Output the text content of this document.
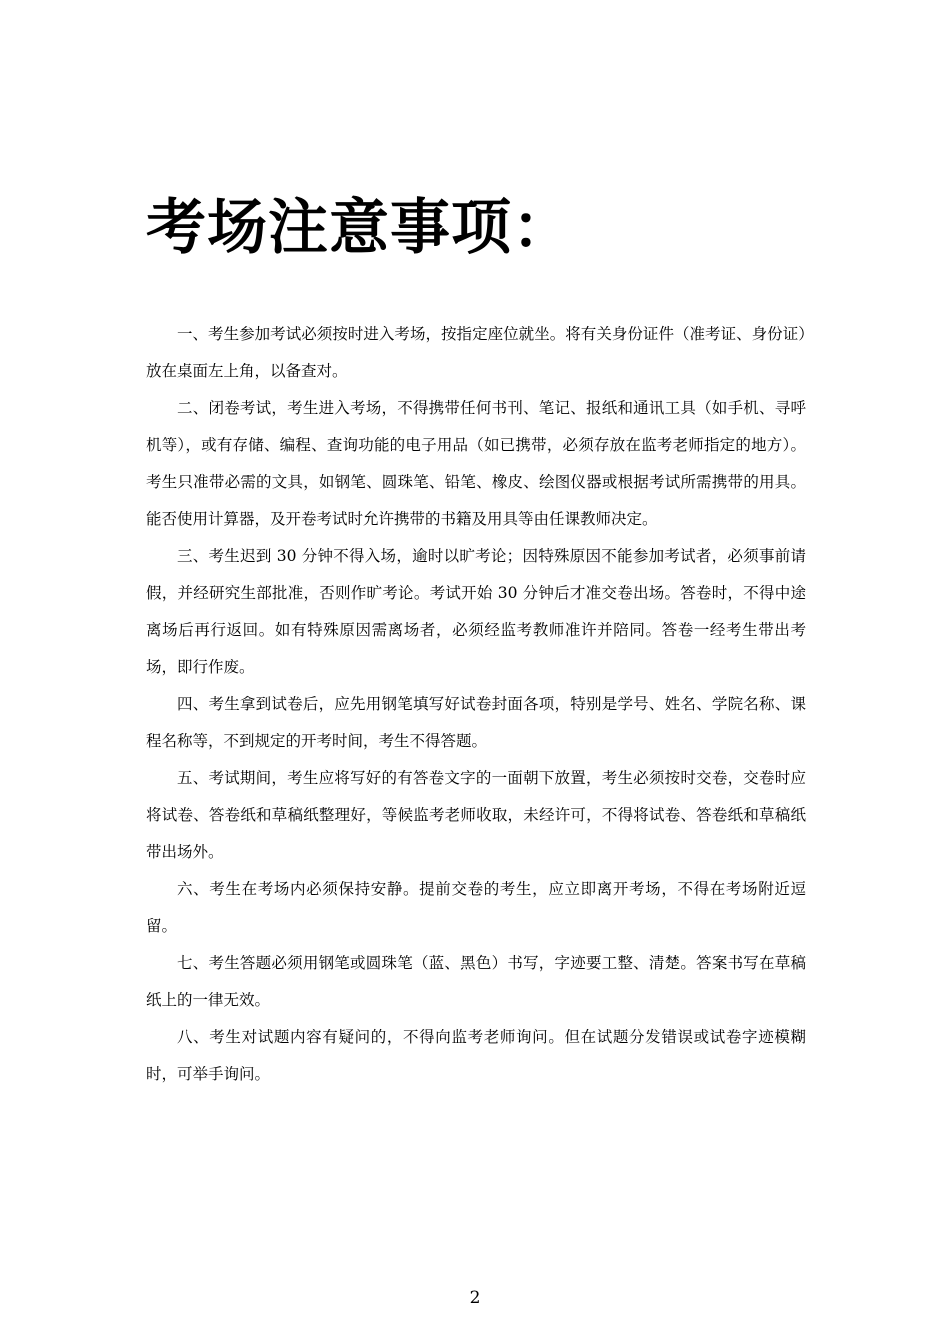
考场注意事项：

一、考生参加考试必须按时进入考场，按指定座位就坐。将有关身份证件（准考证、身份证）放在桌面左上角，以备查对。

二、闭卷考试，考生进入考场，不得携带任何书刊、笔记、报纸和通讯工具（如手机、寻呼机等），或有存储、编程、查询功能的电子用品（如已携带，必须存放在监考老师指定的地方）。考生只准带必需的文具，如钢笔、圆珠笔、铅笔、橡皮、绘图仪器或根据考试所需携带的用具。能否使用计算器，及开卷考试时允许携带的书籍及用具等由任课教师决定。

三、考生迟到 30 分钟不得入场，逾时以旷考论；因特殊原因不能参加考试者，必须事前请假，并经研究生部批准，否则作旷考论。考试开始 30 分钟后才准交卷出场。答卷时，不得中途离场后再行返回。如有特殊原因需离场者，必须经监考教师准许并陪同。答卷一经考生带出考场，即行作废。

四、考生拿到试卷后，应先用钢笔填写好试卷封面各项，特别是学号、姓名、学院名称、课程名称等，不到规定的开考时间，考生不得答题。

五、考试期间，考生应将写好的有答卷文字的一面朝下放置，考生必须按时交卷，交卷时应将试卷、答卷纸和草稿纸整理好，等候监考老师收取，未经许可，不得将试卷、答卷纸和草稿纸带出场外。

六、考生在考场内必须保持安静。提前交卷的考生，应立即离开考场，不得在考场附近逗留。

七、考生答题必须用钢笔或圆珠笔（蓝、黑色）书写，字迹要工整、清楚。答案书写在草稿纸上的一律无效。

八、考生对试题内容有疑问的，不得向监考老师询问。但在试题分发错误或试卷字迹模糊时，可举手询问。

2
